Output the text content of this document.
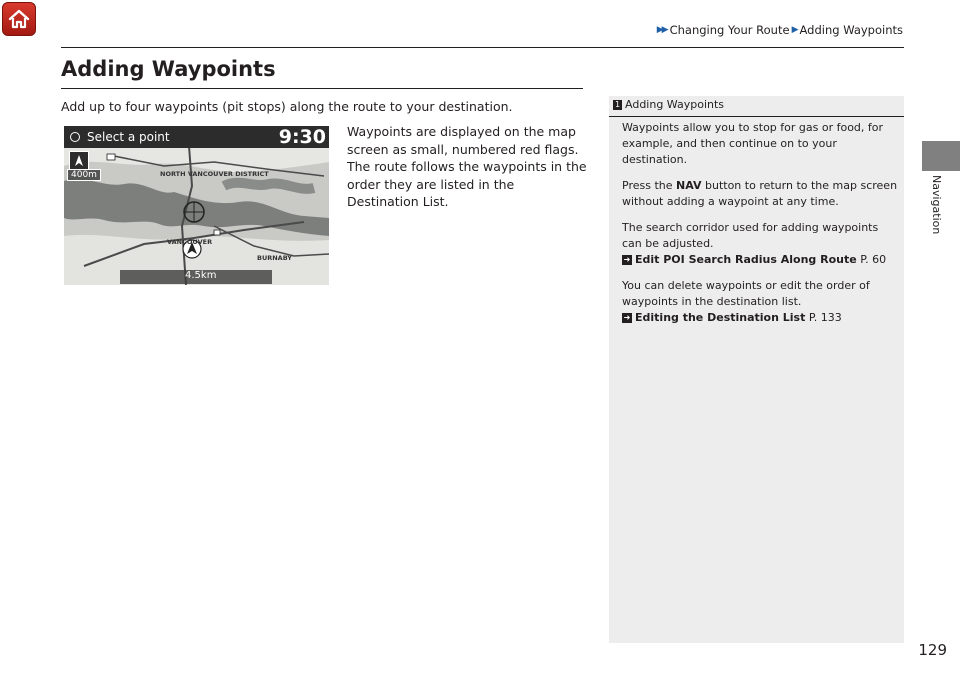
▶▶ Changing Your Route ▶ Adding Waypoints
Navigation
Adding Waypoints

Add up to four waypoints (pit stops) along the route to your destination.

NORTH VANCOUVER DISTRICT
VANCOUVER
BURNABY
Select a point	9:30
400m
4.5km

Waypoints are displayed on the map screen as small, numbered red flags. The route follows the waypoints in the order they are listed in the Destination List.

1 Adding Waypoints

Waypoints allow you to stop for gas or food, for example, and then continue on to your destination.

Press the NAV button to return to the map screen without adding a waypoint at any time.

The search corridor used for adding waypoints can be adjusted.
➜ Edit POI Search Radius Along Route P. 60

You can delete waypoints or edit the order of waypoints in the destination list.
➜ Editing the Destination List P. 133

129
